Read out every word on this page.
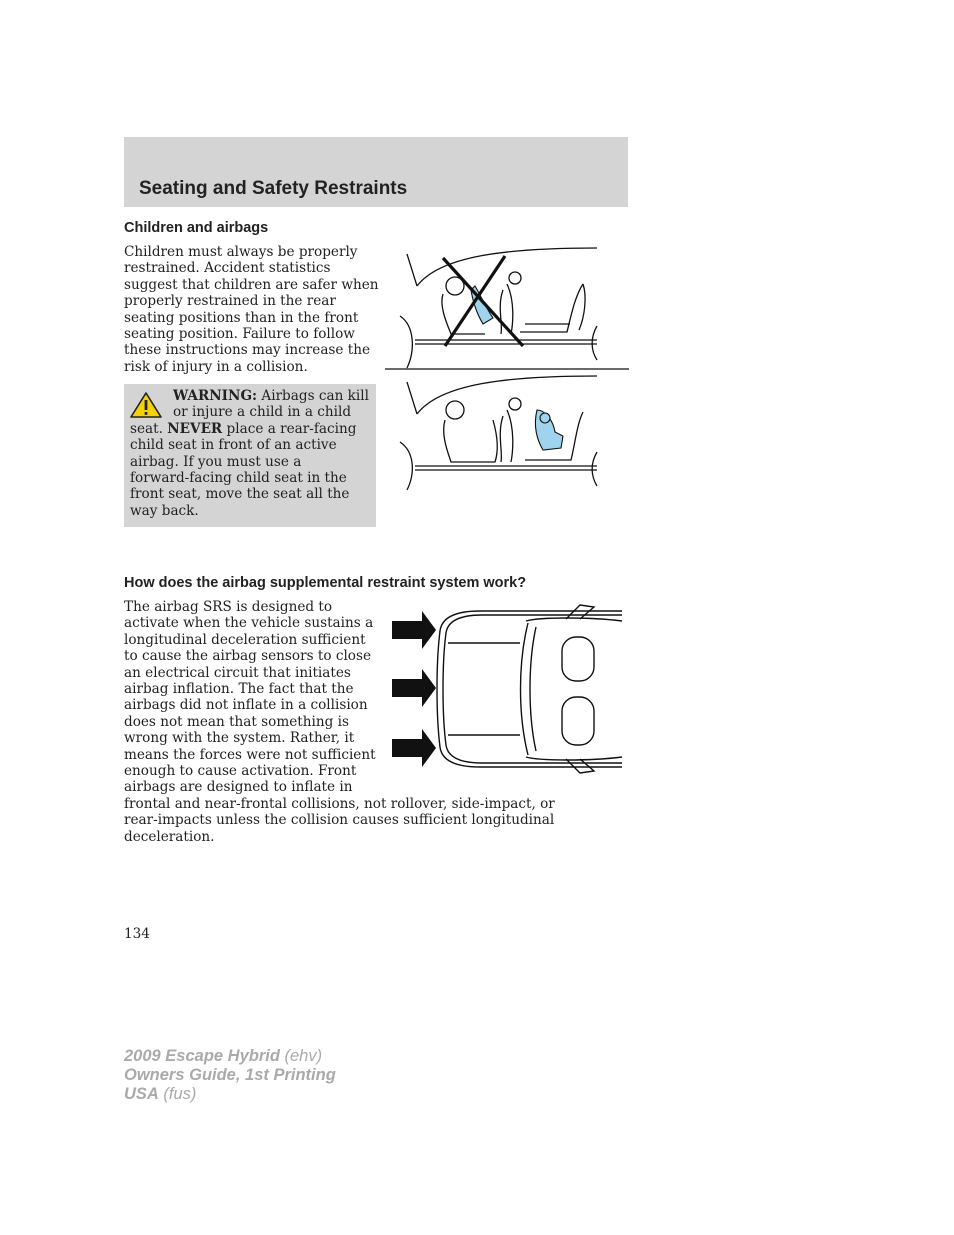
Seating and Safety Restraints
Children and airbags
Children must always be properly
restrained. Accident statistics
suggest that children are safer when
properly restrained in the rear
seating positions than in the front
seating position. Failure to follow
these instructions may increase the
risk of injury in a collision.
WARNING: Airbags can kill
or injure a child in a child
seat. NEVER place a rear-facing
child seat in front of an active
airbag. If you must use a
forward-facing child seat in the
front seat, move the seat all the
way back.
How does the airbag supplemental restraint system work?
The airbag SRS is designed to
activate when the vehicle sustains a
longitudinal deceleration sufficient
to cause the airbag sensors to close
an electrical circuit that initiates
airbag inflation. The fact that the
airbags did not inflate in a collision
does not mean that something is
wrong with the system. Rather, it
means the forces were not sufficient
enough to cause activation. Front
airbags are designed to inflate in
frontal and near-frontal collisions, not rollover, side-impact, or
rear-impacts unless the collision causes sufficient longitudinal
deceleration.
134
2009 Escape Hybrid (ehv)
Owners Guide, 1st Printing
USA (fus)
